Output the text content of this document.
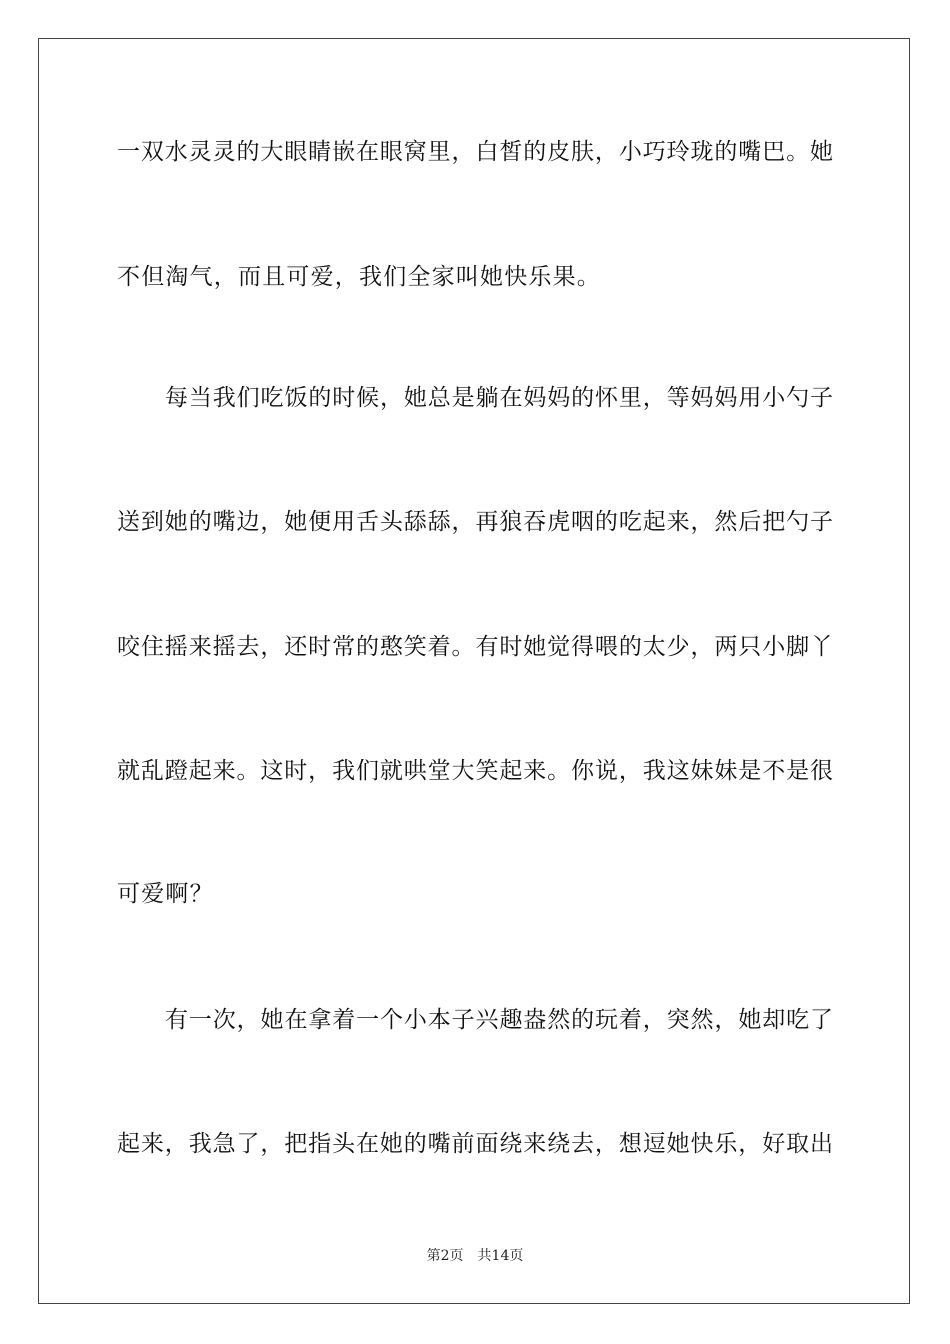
一双水灵灵的大眼睛嵌在眼窝里，白皙的皮肤，小巧玲珑的嘴巴。她

不但淘气，而且可爱，我们全家叫她快乐果。

每当我们吃饭的时候，她总是躺在妈妈的怀里，等妈妈用小勺子

送到她的嘴边，她便用舌头舔舔，再狼吞虎咽的吃起来，然后把勺子

咬住摇来摇去，还时常的憨笑着。有时她觉得喂的太少，两只小脚丫

就乱蹬起来。这时，我们就哄堂大笑起来。你说，我这妹妹是不是很

可爱啊？

有一次，她在拿着一个小本子兴趣盎然的玩着，突然，她却吃了

起来，我急了，把指头在她的嘴前面绕来绕去，想逗她快乐，好取出

第2页 共14页
